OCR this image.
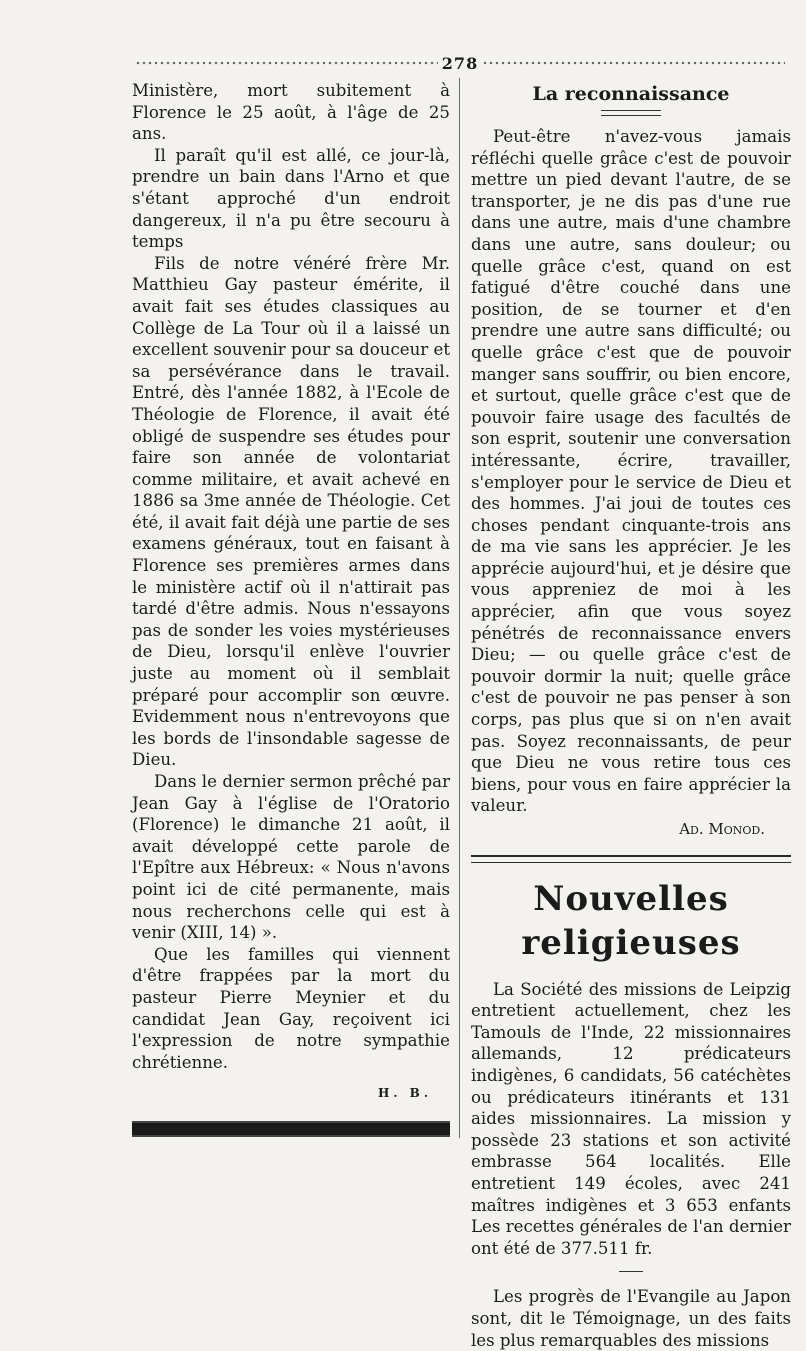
278

Ministère, mort subitement à Florence le 25 août, à l'âge de 25 ans.

Il paraît qu'il est allé, ce jour-là, prendre un bain dans l'Arno et que s'étant approché d'un endroit dangereux, il n'a pu être secouru à temps

Fils de notre vénéré frère Mr. Matthieu Gay pasteur émérite, il avait fait ses études classiques au Collège de La Tour où il a laissé un excellent souvenir pour sa douceur et sa persévérance dans le travail. Entré, dès l'année 1882, à l'Ecole de Théologie de Florence, il avait été obligé de suspendre ses études pour faire son année de volontariat comme militaire, et avait achevé en 1886 sa 3me année de Théologie. Cet été, il avait fait déjà une partie de ses examens généraux, tout en faisant à Florence ses premières armes dans le ministère actif où il n'attirait pas tardé d'être admis. Nous n'essayons pas de sonder les voies mystérieuses de Dieu, lorsqu'il enlève l'ouvrier juste au moment où il semblait préparé pour accomplir son œuvre. Evidemment nous n'entrevoyons que les bords de l'insondable sagesse de Dieu.

Dans le dernier sermon prêché par Jean Gay à l'église de l'Oratorio (Florence) le dimanche 21 août, il avait développé cette parole de l'Epître aux Hébreux: « Nous n'avons point ici de cité permanente, mais nous recherchons celle qui est à venir (XIII, 14) ».

Que les familles qui viennent d'être frappées par la mort du pasteur Pierre Meynier et du candidat Jean Gay, reçoivent ici l'expression de notre sympathie chrétienne.

H. B.
La reconnaissance

Peut-être n'avez-vous jamais réfléchi quelle grâce c'est de pouvoir mettre un pied devant l'autre, de se transporter, je ne dis pas d'une rue dans une autre, mais d'une chambre dans une autre, sans douleur; ou quelle grâce c'est, quand on est fatigué d'être couché dans une position, de se tourner et d'en prendre une autre sans difficulté; ou quelle grâce c'est que de pouvoir manger sans souffrir, ou bien encore, et surtout, quelle grâce c'est que de pouvoir faire usage des facultés de son esprit, soutenir une conversation intéressante, écrire, travailler, s'employer pour le service de Dieu et des hommes. J'ai joui de toutes ces choses pendant cinquante-trois ans de ma vie sans les apprécier. Je les apprécie aujourd'hui, et je désire que vous appreniez de moi à les apprécier, afin que vous soyez pénétrés de reconnaissance envers Dieu; — ou quelle grâce c'est de pouvoir dormir la nuit; quelle grâce c'est de pouvoir ne pas penser à son corps, pas plus que si on n'en avait pas. Soyez reconnaissants, de peur que Dieu ne vous retire tous ces biens, pour vous en faire apprécier la valeur.

Ad. Monod.
Nouvelles religieuses

La Société des missions de Leipzig entretient actuellement, chez les Tamouls de l'Inde, 22 missionnaires allemands, 12 prédicateurs indigènes, 6 candidats, 56 catéchètes ou prédicateurs itinérants et 131 aides missionnaires. La mission y possède 23 stations et son activité embrasse 564 localités. Elle entretient 149 écoles, avec 241 maîtres indigènes et 3 653 enfants Les recettes générales de l'an dernier ont été de 377.511 fr.

Les progrès de l'Evangile au Japon sont, dit le Témoignage, un des faits les plus remarquables des missions
